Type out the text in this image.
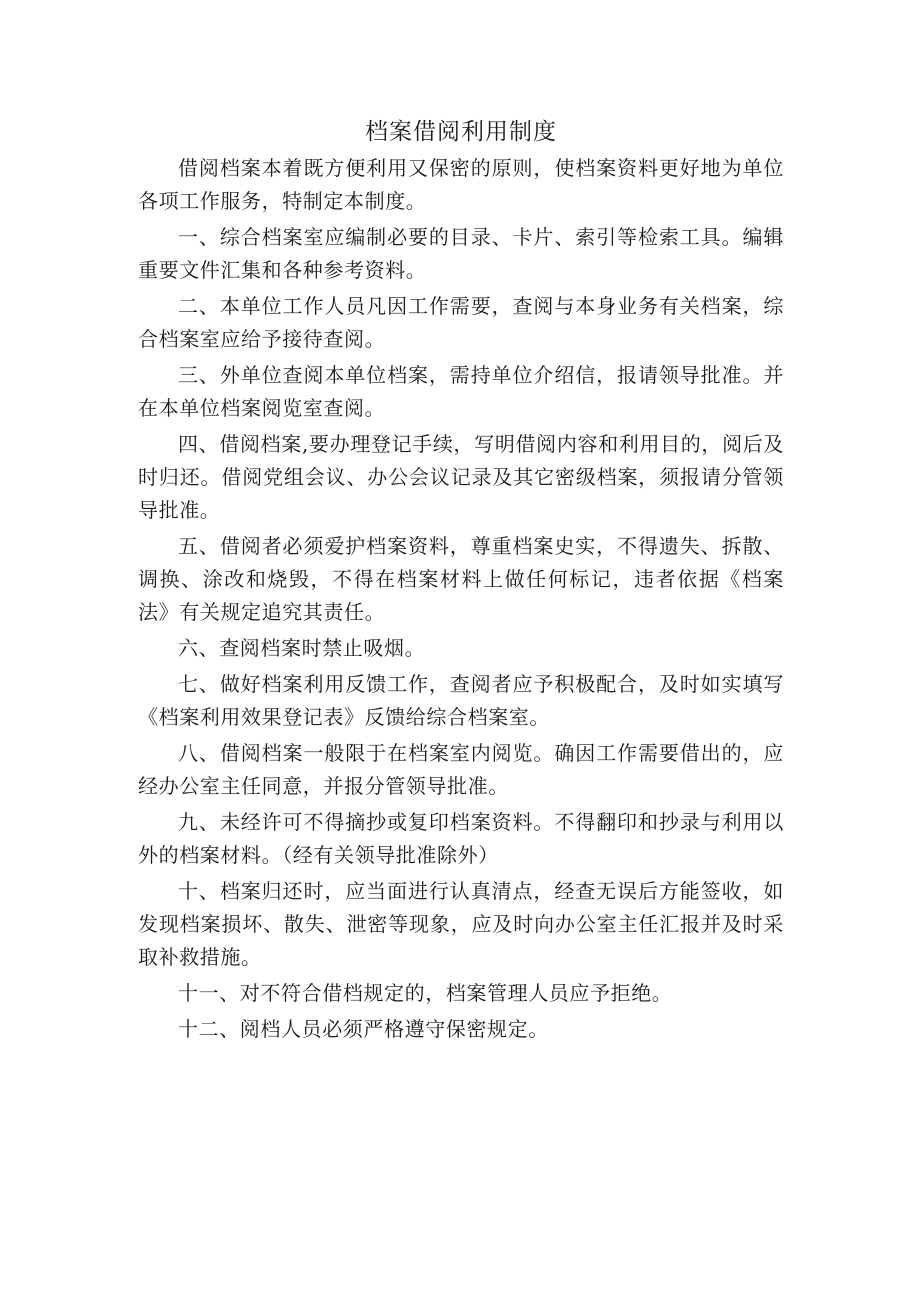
档案借阅利用制度

借阅档案本着既方便利用又保密的原则，使档案资料更好地为单位各项工作服务，特制定本制度。

一、综合档案室应编制必要的目录、卡片、索引等检索工具。编辑重要文件汇集和各种参考资料。

二、本单位工作人员凡因工作需要，查阅与本身业务有关档案，综合档案室应给予接待查阅。

三、外单位查阅本单位档案，需持单位介绍信，报请领导批准。并在本单位档案阅览室查阅。

四、借阅档案,要办理登记手续，写明借阅内容和利用目的，阅后及时归还。借阅党组会议、办公会议记录及其它密级档案，须报请分管领导批准。

五、借阅者必须爱护档案资料，尊重档案史实，不得遗失、拆散、调换、涂改和烧毁，不得在档案材料上做任何标记，违者依据《档案法》有关规定追究其责任。

六、查阅档案时禁止吸烟。

七、做好档案利用反馈工作，查阅者应予积极配合，及时如实填写《档案利用效果登记表》反馈给综合档案室。

八、借阅档案一般限于在档案室内阅览。确因工作需要借出的，应经办公室主任同意，并报分管领导批准。

九、未经许可不得摘抄或复印档案资料。不得翻印和抄录与利用以外的档案材料。（经有关领导批准除外）

十、档案归还时，应当面进行认真清点，经查无误后方能签收，如发现档案损坏、散失、泄密等现象，应及时向办公室主任汇报并及时采取补救措施。

十一、对不符合借档规定的，档案管理人员应予拒绝。

十二、阅档人员必须严格遵守保密规定。
